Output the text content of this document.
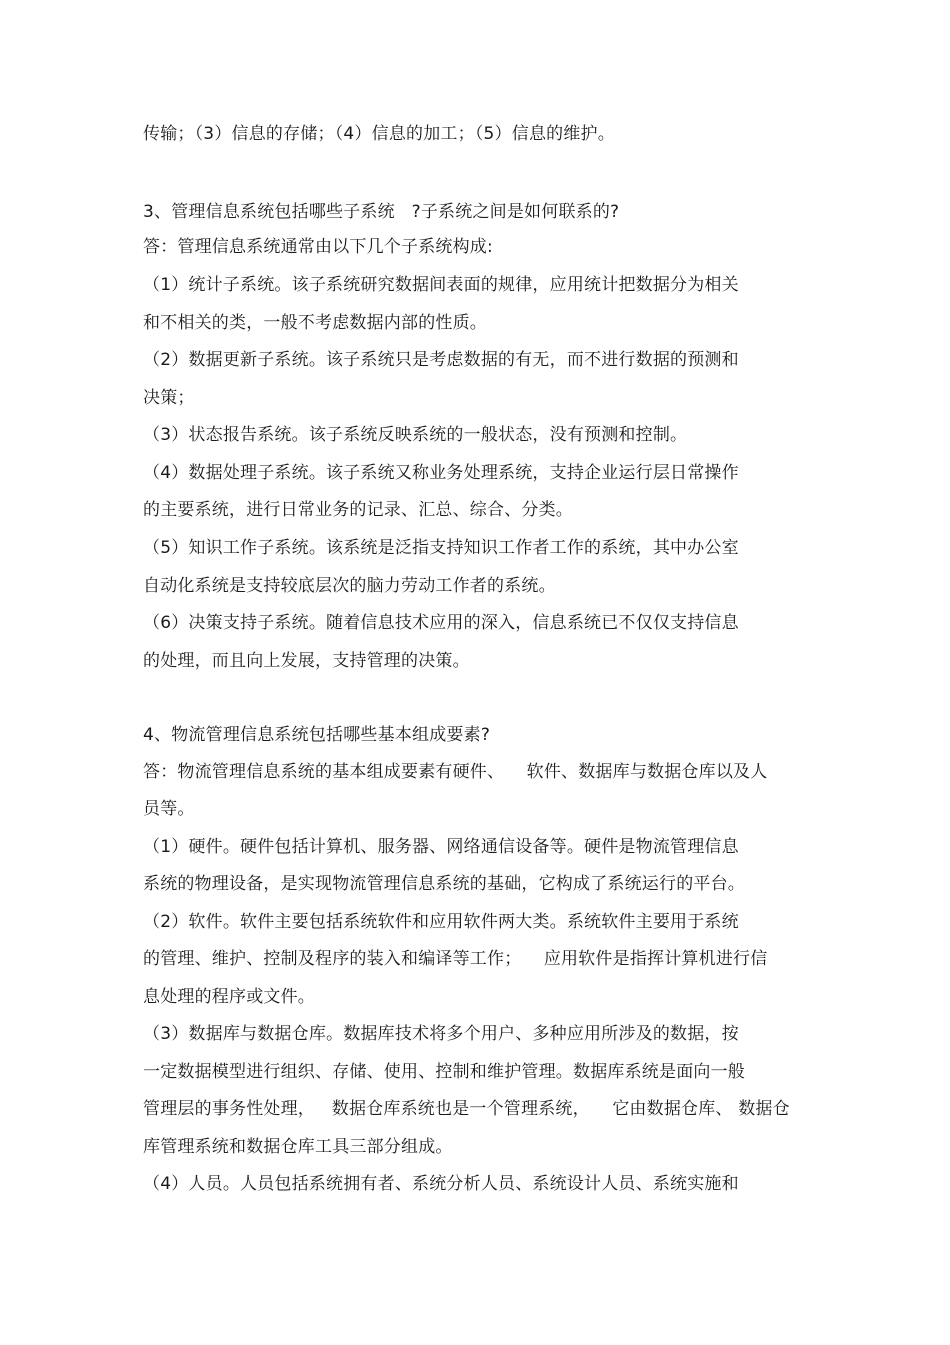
传输；（3）信息的存储；（4）信息的加工；（5）信息的维护。
3、管理信息系统包括哪些子系统   ?子系统之间是如何联系的?
答：管理信息系统通常由以下几个子系统构成:
（1）统计子系统。该子系统研究数据间表面的规律，应用统计把数据分为相关
和不相关的类，一般不考虑数据内部的性质。
（2）数据更新子系统。该子系统只是考虑数据的有无，而不进行数据的预测和
决策；
（3）状态报告系统。该子系统反映系统的一般状态，没有预测和控制。
（4）数据处理子系统。该子系统又称业务处理系统，支持企业运行层日常操作
的主要系统，进行日常业务的记录、汇总、综合、分类。
（5）知识工作子系统。该系统是泛指支持知识工作者工作的系统，其中办公室
自动化系统是支持较底层次的脑力劳动工作者的系统。
（6）决策支持子系统。随着信息技术应用的深入，信息系统已不仅仅支持信息
的处理，而且向上发展，支持管理的决策。
4、物流管理信息系统包括哪些基本组成要素?
答：物流管理信息系统的基本组成要素有硬件、    软件、数据库与数据仓库以及人
员等。
（1）硬件。硬件包括计算机、服务器、网络通信设备等。硬件是物流管理信息
系统的物理设备，是实现物流管理信息系统的基础，它构成了系统运行的平台。
（2）软件。软件主要包括系统软件和应用软件两大类。系统软件主要用于系统
的管理、维护、控制及程序的装入和编译等工作；    应用软件是指挥计算机进行信
息处理的程序或文件。
（3）数据库与数据仓库。数据库技术将多个用户、多种应用所涉及的数据，按
一定数据模型进行组织、存储、使用、控制和维护管理。数据库系统是面向一般
管理层的事务性处理，   数据仓库系统也是一个管理系统，    它由数据仓库、 数据仓
库管理系统和数据仓库工具三部分组成。
（4）人员。人员包括系统拥有者、系统分析人员、系统设计人员、系统实施和
